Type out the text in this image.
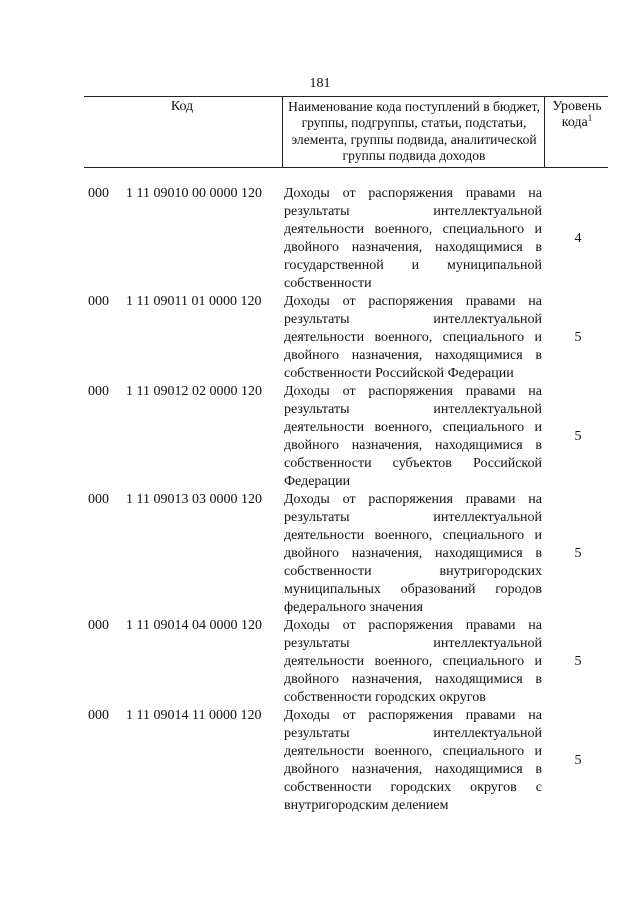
181
Код	Наименование кода поступлений в бюджет, группы, подгруппы, статьи, подстатьи, элемента, группы подвида, аналитической группы подвида доходов
Уровень кода$^1$
000 1 11 09010 00 0000 120 Доходы от распоряжения правами на результаты интеллектуальной деятельности военного, специального и двойного назначения, находящимися в государственной и муниципальной собственности
4
000 1 11 09011 01 0000 120 Доходы от распоряжения правами на результаты интеллектуальной деятельности военного, специального и двойного назначения, находящимися в собственности Российской Федерации
5
000 1 11 09012 02 0000 120 Доходы от распоряжения правами на результаты интеллектуальной деятельности военного, специального и двойного назначения, находящимися в собственности субъектов Российской Федерации
5
000 1 11 09013 03 0000 120 Доходы от распоряжения правами на результаты интеллектуальной деятельности военного, специального и двойного назначения, находящимися в собственности внутригородских муниципальных образований городов федерального значения
5
000 1 11 09014 04 0000 120 Доходы от распоряжения правами на результаты интеллектуальной деятельности военного, специального и двойного назначения, находящимися в собственности городских округов
5
000 1 11 09014 11 0000 120 Доходы от распоряжения правами на результаты интеллектуальной деятельности военного, специального и двойного назначения, находящимися в собственности городских округов с внутригородским делением
5
